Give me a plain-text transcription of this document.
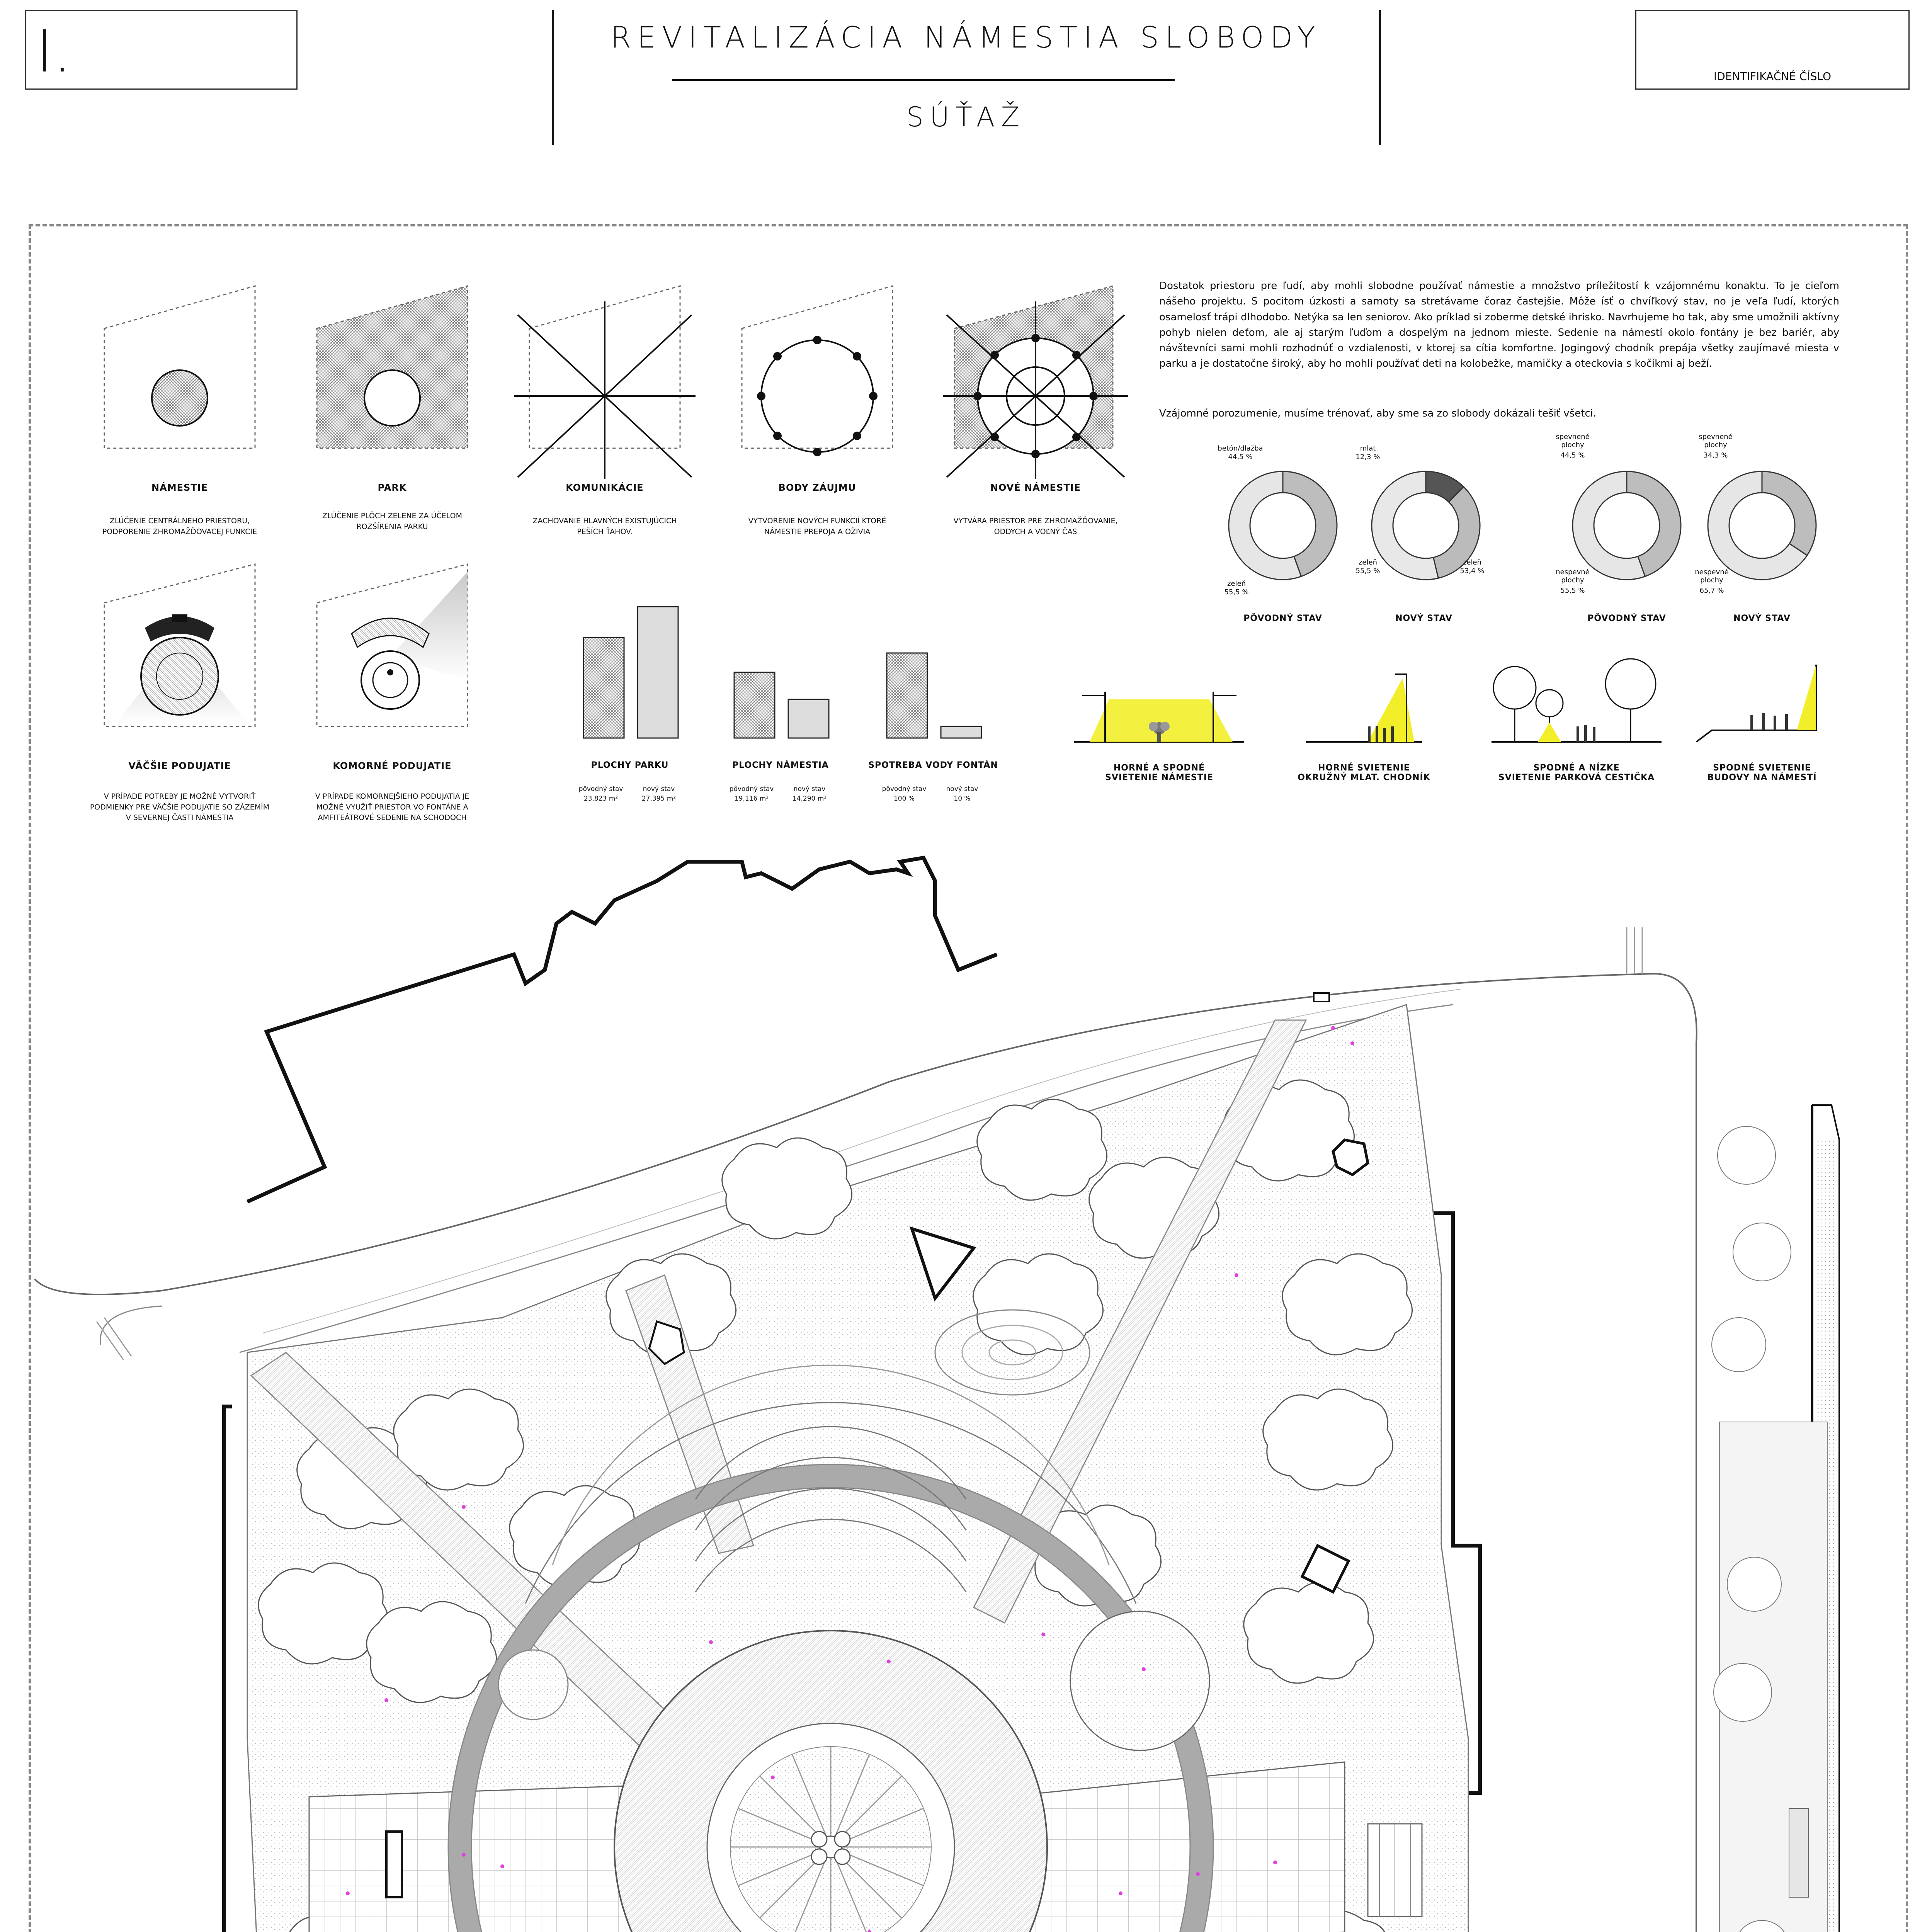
I.	REVITALIZÁCIA NÁMESTIA SLOBODY
SÚŤAŽ
IDENTIFIKAČNÉ ČÍSLO
NÁMESTIE
ZLÚČENIE CENTRÁLNEHO PRIESTORU,
PODPORENIE ZHROMAŽĎOVACEJ FUNKCIE
PARK
ZLÚČENIE PLÔCH ZELENE ZA ÚČELOM
ROZŠÍRENIA PARKU
KOMUNIKÁCIE
ZACHOVANIE HLAVNÝCH EXISTUJÚCICH
PEŠÍCH ŤAHOV.
BODY ZÁUJMU
VYTVORENIE NOVÝCH FUNKCIÍ KTORÉ
NÁMESTIE PREPOJA A OŽIVIA
NOVÉ NÁMESTIE
VYTVÁRA PRIESTOR PRE ZHROMAŽĎOVANIE,
ODDYCH A VOĽNÝ ČAS
VÄČŠIE PODUJATIE
V PRÍPADE POTREBY JE MOŽNÉ VYTVORIŤ
PODMIENKY PRE VÄČŠIE PODUJATIE SO ZÁZEMÍM
V SEVERNEJ ČASTI NÁMESTIA
KOMORNÉ PODUJATIE
V PRÍPADE KOMORNEJŠIEHO PODUJATIA JE
MOŽNÉ VYUŽIŤ PRIESTOR VO FONTÁNE A
AMFITEÁTROVÉ SEDENIE NA SCHODOCH
PLOCHY PARKU
pôvodný stav
23,823 m²
nový stav
27,395 m²
PLOCHY NÁMESTIA
pôvodný stav
19,116 m²
nový stav
14,290 m²
SPOTREBA VODY FONTÁN
pôvodný stav
100 %
nový stav
10 %
Dostatok priestoru pre ľudí, aby mohli slobodne používať námestie a množstvo príležitostí k vzájomnému konaktu. To je cieľom nášeho projektu. S pocitom úzkosti a samoty sa stretávame čoraz častejšie. Môže ísť o chvíľkový stav, no je veľa ľudí, ktorých osamelosť trápi dlhodobo. Netýka sa len seniorov. Ako príklad si zoberme detské ihrisko. Navrhujeme ho tak, aby sme umožnili aktívny pohyb nielen deťom, ale aj starým ľuďom a dospelým na jednom mieste. Sedenie na námestí okolo fontány je bez bariér, aby návštevníci sami mohli rozhodnúť o vzdialenosti, v ktorej sa cítia komfortne. Jogingový chodník prepája všetky zaujímavé miesta v parku a je dostatočne široký, aby ho mohli používať deti na kolobežke, mamičky a oteckovia s kočíkmi aj beží.
Vzájomné porozumenie, musíme trénovať, aby sme sa zo slobody dokázali tešiť všetci.
PÔVODNÝ STAV	NOVÝ STAV	PÔVODNÝ STAV	NOVÝ STAV
betón/dlažba
44,5 %
zeleň
55,5 %
mlat
12,3 %
zeleň
55,5 %
zeleň
53,4 %
spevnené
plochy
44,5 %
nespevné
plochy
55,5 %
spevnené
plochy
34,3 %
nespevné
plochy
65,7 %
HORNÉ A SPODNÉ
SVIETENIE NÁMESTIE
HORNÉ SVIETENIE
OKRUŽNÝ MLAT. CHODNÍK
SPODNÉ A NÍZKE
SVIETENIE PARKOVÁ CESTIČKA
SPODNÉ SVIETENIE
BUDOVY NA NÁMESTÍ
